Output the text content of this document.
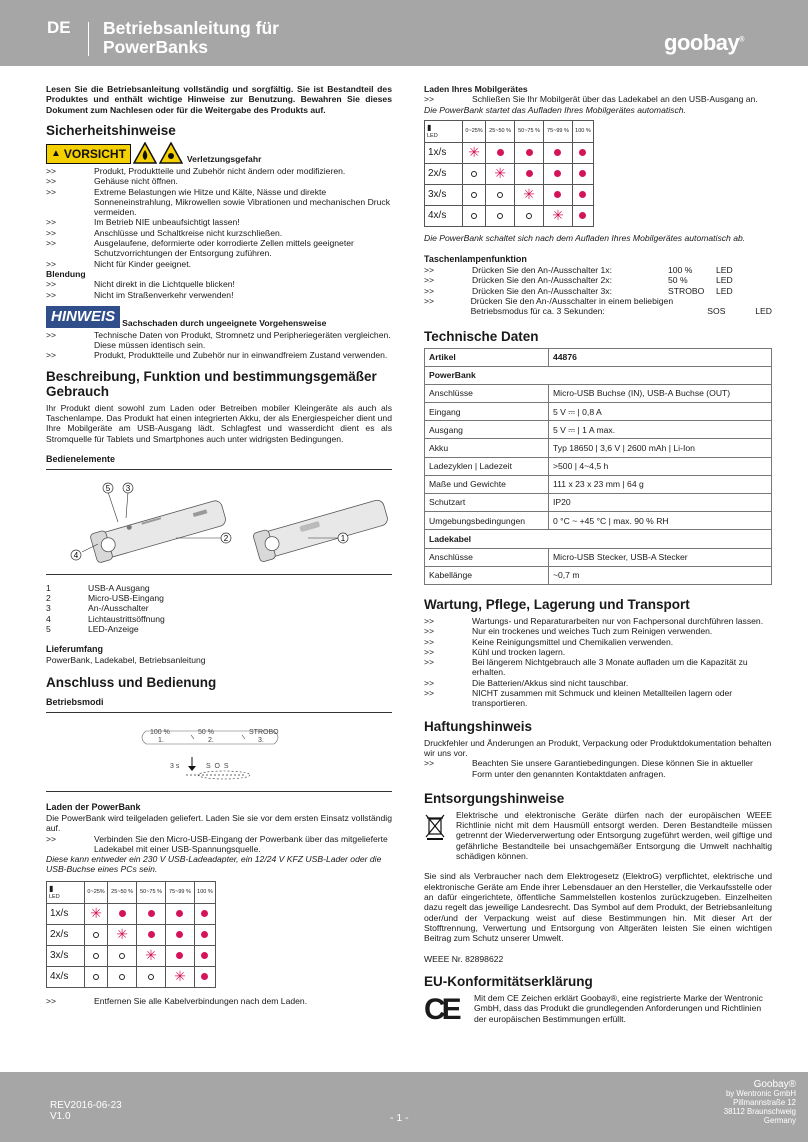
DE Betriebsanleitung für PowerBanks	goobay®

Lesen Sie die Betriebsanleitung vollständig und sorgfältig. Sie ist Bestandteil des Produktes und enthält wichtige Hinweise zur Benutzung. Bewahren Sie dieses Dokument zum Nachlesen oder für die Weitergabe des Produkts auf.

Sicherheitshinweise
▲ VORSICHT	Verletzungsgefahr
>>	Produkt, Produktteile und Zubehör nicht ändern oder modifizieren.
>>	Gehäuse nicht öffnen.
>>	Extreme Belastungen wie Hitze und Kälte, Nässe und direkte Sonneneinstrahlung, Mikrowellen sowie Vibrationen und mechanischen Druck vermeiden.
>>	Im Betrieb NIE unbeaufsichtigt lassen!
>>	Anschlüsse und Schaltkreise nicht kurzschließen.
>>	Ausgelaufene, deformierte oder korrodierte Zellen mittels geeigneter Schutzvorrichtungen der Entsorgung zuführen.
>>	Nicht für Kinder geeignet.
Blendung
>>	Nicht direkt in die Lichtquelle blicken!
>>	Nicht im Straßenverkehr verwenden!
HINWEIS Sachschaden durch ungeeignete Vorgehensweise
>>	Technische Daten von Produkt, Stromnetz und Peripheriegeräten vergleichen. Diese müssen identisch sein.
>>	Produkt, Produktteile und Zubehör nur in einwandfreiem Zustand verwenden.
Beschreibung, Funktion und bestimmungsgemäßer Gebrauch

Ihr Produkt dient sowohl zum Laden oder Betreiben mobiler Kleingeräte als auch als Taschenlampe. Das Produkt hat einen integrierten Akku, der als Energiespeicher dient und Ihre Mobilgeräte am USB-Ausgang lädt. Schlagfest und wasserdicht dient es als Stromquelle für Tablets und Smartphones auch unter widrigsten Bedingungen.

Bedienelemente
5 3
2
4
1
1	USB-A Ausgang
2	Micro-USB-Eingang
3	An-/Ausschalter
4	Lichtaustrittsöffnung
5	LED-Anzeige
Lieferumfang

PowerBank, Ladekabel, Betriebsanleitung

Anschluss und Bedienung
Betriebsmodi
100 %
1.
50 %
2.
STROBO
3.
3 s	S  O  S
Laden der PowerBank

Die PowerBank wird teilgeladen geliefert. Laden Sie sie vor dem ersten Einsatz vollständig auf.

>>	Verbinden Sie den Micro-USB-Eingang der Powerbank über das mitgelieferte Ladekabel mit einer USB-Spannungsquelle.

Diese kann entweder ein 230 V USB-Ladeadapter, ein 12/24 V KFZ USB-Lader oder die USB-Buchse eines PCs sein.

▮
LED	0~25%	25~50 %	50~75 %	75~99 %	100 %
1x/s	✳				
2x/s		✳			
3x/s			✳		
4x/s				✳	
>>	Entfernen Sie alle Kabelverbindungen nach dem Laden.
Laden Ihres Mobilgerätes
>>	Schließen Sie Ihr Mobilgerät über das Ladekabel an den USB-Ausgang an.

Die PowerBank startet das Aufladen Ihres Mobilgerätes automatisch.

▮
LED	0~25%	25~50 %	50~75 %	75~99 %	100 %
1x/s	✳				
2x/s		✳			
3x/s			✳		
4x/s				✳	

Die PowerBank schaltet sich nach dem Aufladen Ihres Mobilgerätes automatisch ab.

Taschenlampenfunktion
>>	Drücken Sie den An-/Ausschalter 1x:	100 %	LED
>>	Drücken Sie den An-/Ausschalter 2x:	50 %	LED
>>	Drücken Sie den An-/Ausschalter 3x:	STROBO	LED
>>	Drücken Sie den An-/Ausschalter in einem beliebigen Betriebsmodus für ca. 3 Sekunden:	SOS	LED
Technische Daten
Artikel	44876
PowerBank	
Anschlüsse	Micro-USB Buchse (IN), USB-A Buchse (OUT)
Eingang	5 V ⎓ | 0,8 A
Ausgang	5 V ⎓ | 1 A max.
Akku	Typ 18650 | 3,6 V | 2600 mAh | Li-Ion
Ladezyklen | Ladezeit	>500 | 4~4,5 h
Maße und Gewichte	111 x 23 x 23 mm | 64 g
Schutzart	IP20
Umgebungsbedingungen	0 °C ~ +45 °C | max. 90 % RH
Ladekabel	
Anschlüsse	Micro-USB Stecker, USB-A Stecker
Kabellänge	~0,7 m
Wartung, Pflege, Lagerung und Transport
>>	Wartungs- und Reparaturarbeiten nur von Fachpersonal durchführen lassen.
>>	Nur ein trockenes und weiches Tuch zum Reinigen verwenden.
>>	Keine Reinigungsmittel und Chemikalien verwenden.
>>	Kühl und trocken lagern.
>>	Bei längerem Nichtgebrauch alle 3 Monate aufladen um die Kapazität zu erhalten.
>>	Die Batterien/Akkus sind nicht tauschbar.
>>	NICHT zusammen mit Schmuck und kleinen Metallteilen lagern oder transportieren.
Haftungshinweis

Druckfehler und Änderungen an Produkt, Verpackung oder Produktdokumentation behalten wir uns vor.

>>	Beachten Sie unsere Garantiebedingungen. Diese können Sie in aktueller Form unter den genannten Kontaktdaten anfragen.
Entsorgungshinweise

Elektrische und elektronische Geräte dürfen nach der europäischen WEEE Richtlinie nicht mit dem Hausmüll entsorgt werden. Deren Bestandteile müssen getrennt der Wiederverwertung oder Entsorgung zugeführt werden, weil giftige und gefährliche Bestandteile bei unsachgemäßer Entsorgung die Umwelt nachhaltig schädigen können.

Sie sind als Verbraucher nach dem Elektrogesetz (ElektroG) verpflichtet, elektrische und elektronische Geräte am Ende ihrer Lebensdauer an den Hersteller, die Verkaufsstelle oder an dafür eingerichtete, öffentliche Sammelstellen kostenlos zurückzugeben. Einzelheiten dazu regelt das jeweilige Landesrecht. Das Symbol auf dem Produkt, der Betriebsanleitung oder/und der Verpackung weist auf diese Bestimmungen hin. Mit dieser Art der Stofftrennung, Verwertung und Entsorgung von Altgeräten leisten Sie einen wichtigen Beitrag zum Schutz unserer Umwelt.

WEEE Nr. 82898622

EU-Konformitätserklärung
CE Mit dem CE Zeichen erklärt Goobay®, eine registrierte Marke der Wentronic GmbH, dass das Produkt die grundlegenden Anforderungen und Richtlinien der europäischen Bestimmungen erfüllt.

REV2016-06-23
V1.0	- 1 -
Goobay®
by Wentronic GmbH
Pillmannstraße 12
38112 Braunschweig
Germany
